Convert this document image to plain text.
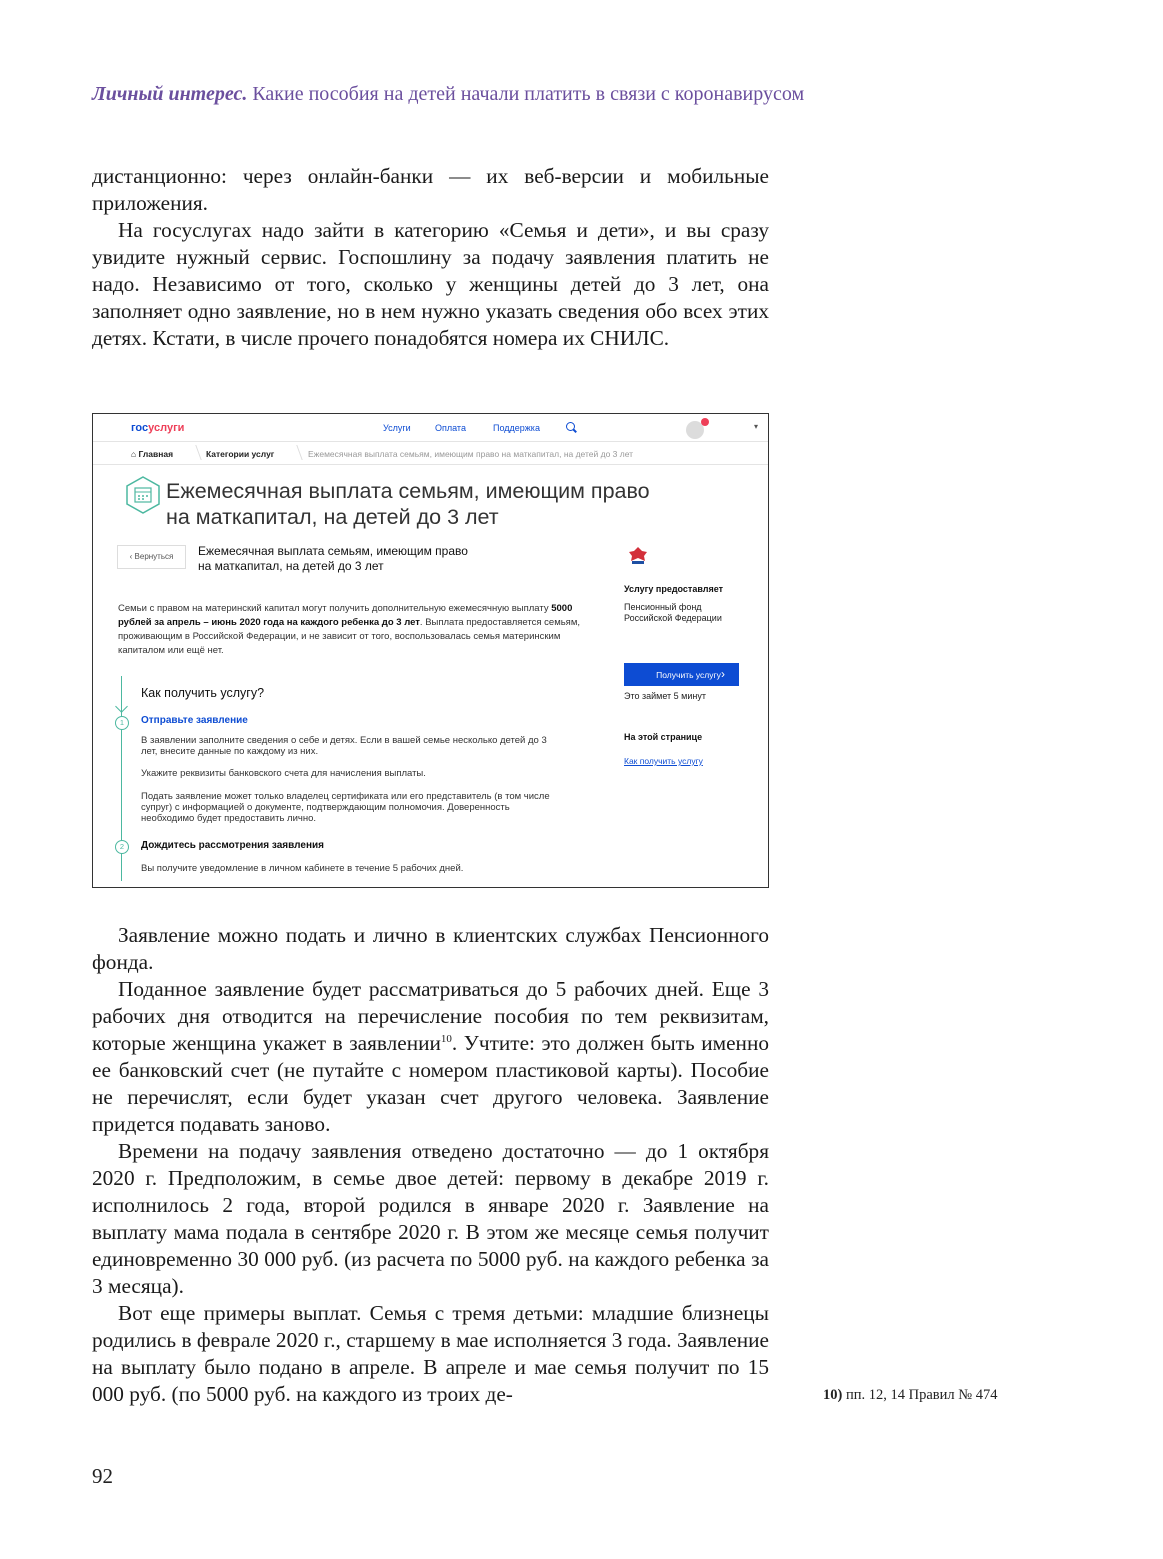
Личный интерес. Какие пособия на детей начали платить в связи с коронавирусом

дистанционно: через онлайн-банки — их веб-версии и мобильные приложения.

На госуслугах надо зайти в категорию «Семья и дети», и вы сразу увидите нужный сервис. Госпошлину за подачу заявления платить не надо. Независимо от того, сколько у женщины детей до 3 лет, она заполняет одно заявление, но в нем нужно указать сведения обо всех этих детях. Кстати, в числе прочего понадобятся номера их СНИЛС.

госуслуги	Услуги	Оплата	Поддержка	▾
⌂ Главная	Категории услуг	Ежемесячная выплата семьям, имеющим право на маткапитал, на детей до 3 лет
Ежемесячная выплата семьям, имеющим право
на маткапитал, на детей до 3 лет
‹ Вернуться	Ежемесячная выплата семьям, имеющим право
на маткапитал, на детей до 3 лет
Семьи с правом на материнский капитал могут получить дополнительную ежемесячную выплату 5000 рублей за апрель – июнь 2020 года на каждого ребенка до 3 лет. Выплата предоставляется семьям, проживающим в Российской Федерации, и не зависит от того, воспользовалась семья материнским капиталом или ещё нет.
Как получить услугу?
1	Отправьте заявление
В заявлении заполните сведения о себе и детях. Если в вашей семье несколько детей до 3 лет, внесите данные по каждому из них.
Укажите реквизиты банковского счета для начисления выплаты.
Подать заявление может только владелец сертификата или его представитель (в том числе супруг) с информацией о документе, подтверждающим полномочия. Доверенность необходимо будет предоставить лично.
2	Дождитесь рассмотрения заявления
Вы получите уведомление в личном кабинете в течение 5 рабочих дней.
Услугу предоставляет
Пенсионный фонд Российской Федерации
Получить услугу ›
Это займет 5 минут
На этой странице
Как получить услугу

Заявление можно подать и лично в клиентских службах Пенсионного фонда.

Поданное заявление будет рассматриваться до 5 рабочих дней. Еще 3 рабочих дня отводится на перечисление пособия по тем реквизитам, которые женщина укажет в заявлении$^{10}$. Учтите: это должен быть именно ее банковский счет (не путайте с номером пластиковой карты). Пособие не перечислят, если будет указан счет другого человека. Заявление придется подавать заново.

Времени на подачу заявления отведено достаточно — до 1 октября 2020 г. Предположим, в семье двое детей: первому в декабре 2019 г. исполнилось 2 года, второй родился в январе 2020 г. Заявление на выплату мама подала в сентябре 2020 г. В этом же месяце семья получит единовременно 30 000 руб. (из расчета по 5000 руб. на каждого ребенка за 3 месяца).

Вот еще примеры выплат. Семья с тремя детьми: младшие близнецы родились в феврале 2020 г., старшему в мае исполняется 3 года. Заявление на выплату было подано в апреле. В апреле и мае семья получит по 15 000 руб. (по 5000 руб. на каждого из троих де-	10) пп. 12, 14 Правил № 474
92
